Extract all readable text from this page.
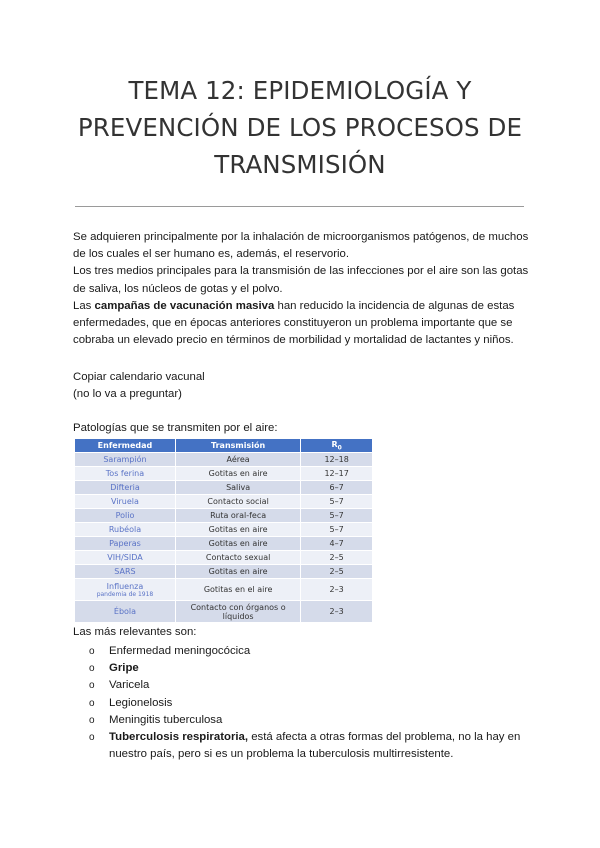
TEMA 12: EPIDEMIOLOGÍA Y
PREVENCIÓN DE LOS PROCESOS DE
TRANSMISIÓN
Se adquieren principalmente por la inhalación de microorganismos patógenos, de muchos de los cuales el ser humano es, además, el reservorio.
Los tres medios principales para la transmisión de las infecciones por el aire son las gotas de saliva, los núcleos de gotas y el polvo.
Las campañas de vacunación masiva han reducido la incidencia de algunas de estas enfermedades, que en épocas anteriores constituyeron un problema importante que se cobraba un elevado precio en términos de morbilidad y mortalidad de lactantes y niños.
Copiar calendario vacunal
(no lo va a preguntar)
Patologías que se transmiten por el aire:
Enfermedad	Transmisión	$R_0$
Sarampión	Aérea	12–18
Tos ferina	Gotitas en aire	12–17
Difteria	Saliva	6–7
Viruela	Contacto social	5–7
Polio	Ruta oral-feca	5–7
Rubéola	Gotitas en aire	5–7
Paperas	Gotitas en aire	4–7
VIH/SIDA	Contacto sexual	2–5
SARS	Gotitas en aire	2–5
Influenza
pandemia de 1918	Gotitas en el aire	2–3
Ébola	Contacto con órganos o líquidos	2–3
Las más relevantes son:
o Enfermedad meningocócica
o Gripe
o Varicela
o Legionelosis
o Meningitis tuberculosa
o Tuberculosis respiratoria, está afecta a otras formas del problema, no la hay en nuestro país, pero si es un problema la tuberculosis multirresistente.
